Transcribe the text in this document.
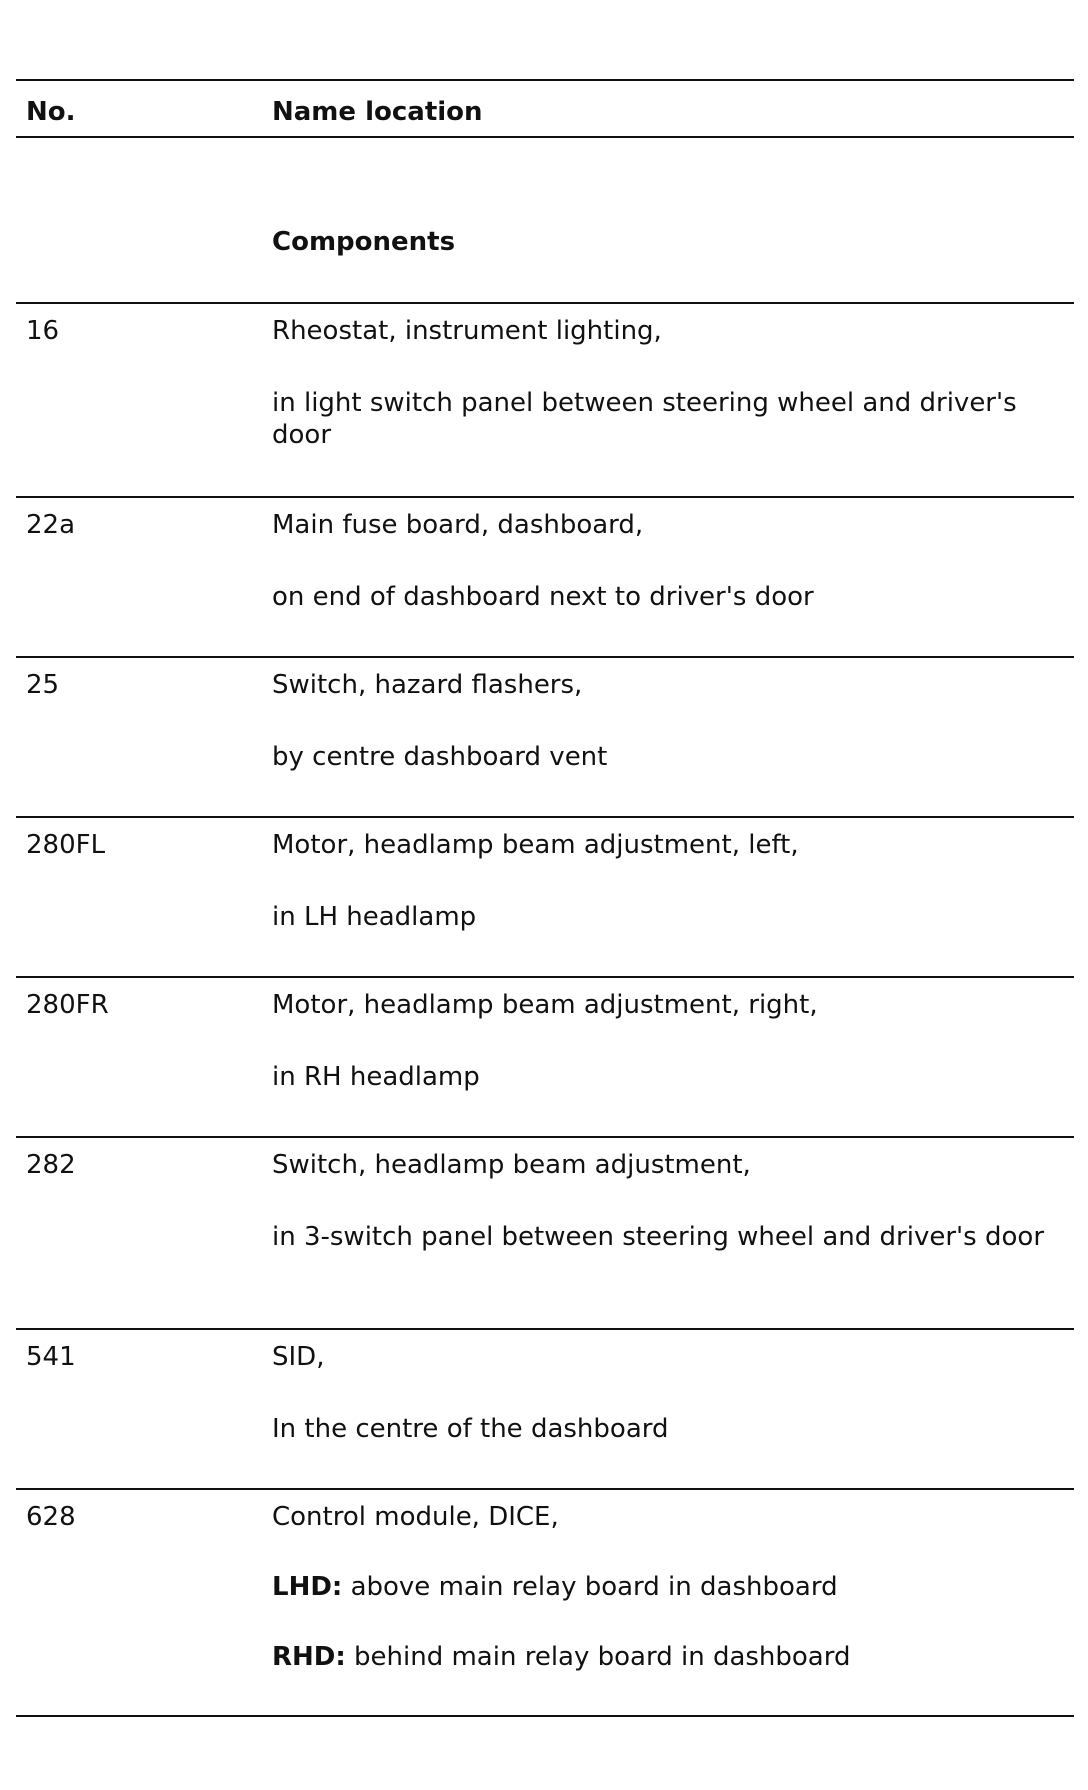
No.	Name location
Components
16	Rheostat, instrument lighting,
in light switch panel between steering wheel and driver's door
22a	Main fuse board, dashboard,
on end of dashboard next to driver's door
25	Switch, hazard flashers,
by centre dashboard vent
280FL	Motor, headlamp beam adjustment, left,
in LH headlamp
280FR	Motor, headlamp beam adjustment, right,
in RH headlamp
282	Switch, headlamp beam adjustment,
in 3-switch panel between steering wheel and driver's door
541	SID,
In the centre of the dashboard
628	Control module, DICE,
LHD: above main relay board in dashboard
RHD: behind main relay board in dashboard
